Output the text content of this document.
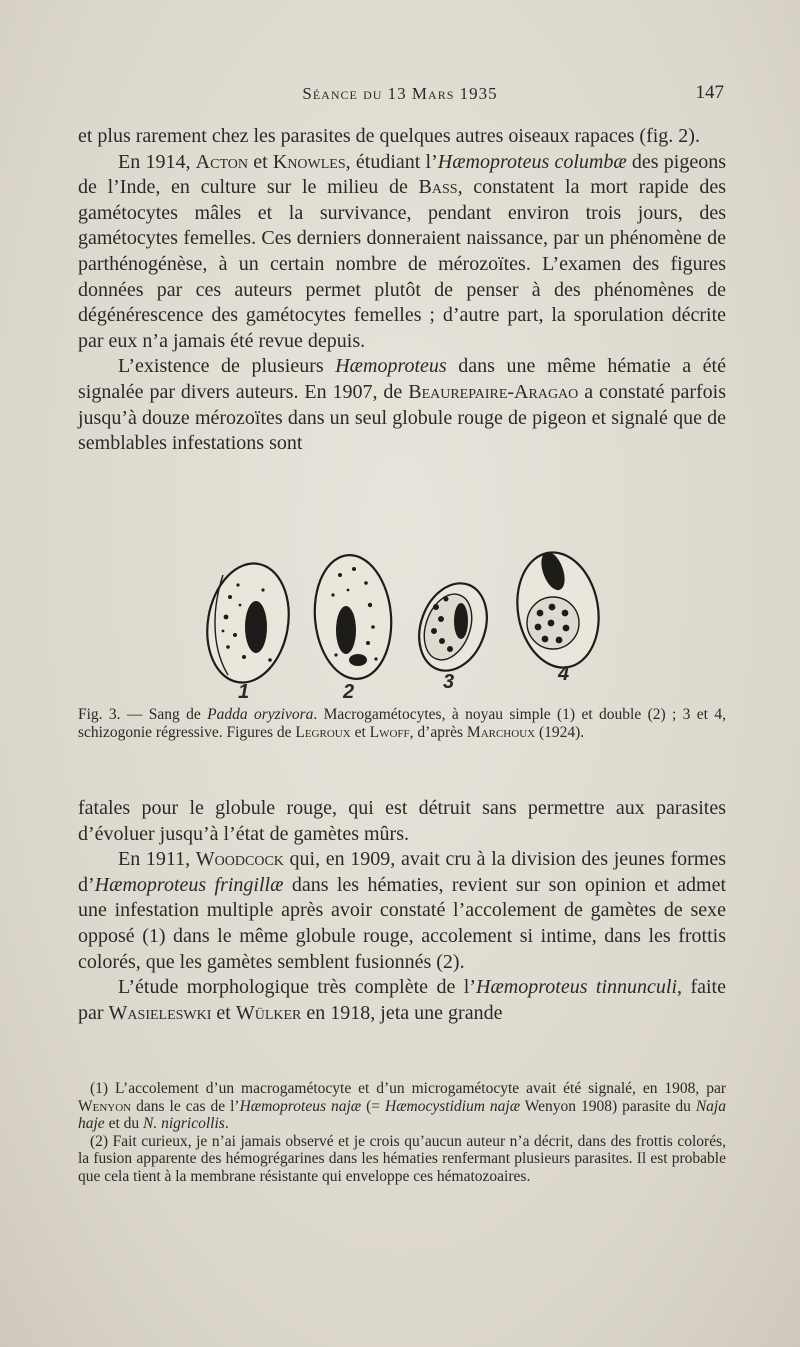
Séance du 13 Mars 1935	147

et plus rarement chez les parasites de quelques autres oiseaux rapaces (fig. 2).

En 1914, Acton et Knowles, étudiant l’Hæmoproteus columbæ des pigeons de l’Inde, en culture sur le milieu de Bass, constatent la mort rapide des gamétocytes mâles et la survivance, pendant environ trois jours, des gamétocytes femelles. Ces derniers donneraient naissance, par un phénomène de parthénogénèse, à un certain nombre de mérozoïtes. L’examen des figures données par ces auteurs permet plutôt de penser à des phénomènes de dégénérescence des gamétocytes femelles ; d’autre part, la sporulation décrite par eux n’a jamais été revue depuis.

L’existence de plusieurs Hæmoproteus dans une même hématie a été signalée par divers auteurs. En 1907, de Beaurepaire-Aragao a constaté parfois jusqu’à douze mérozoïtes dans un seul globule rouge de pigeon et signalé que de semblables infestations sont

1	2	3	4
Fig. 3. — Sang de Padda oryzivora. Macrogamétocytes, à noyau simple (1) et double (2) ; 3 et 4, schizogonie régressive. Figures de Legroux et Lwoff, d’après Marchoux (1924).

fatales pour le globule rouge, qui est détruit sans permettre aux parasites d’évoluer jusqu’à l’état de gamètes mûrs.

En 1911, Woodcock qui, en 1909, avait cru à la division des jeunes formes d’Hæmoproteus fringillæ dans les hématies, revient sur son opinion et admet une infestation multiple après avoir constaté l’accolement de gamètes de sexe opposé (1) dans le même globule rouge, accolement si intime, dans les frottis colorés, que les gamètes semblent fusionnés (2).

L’étude morphologique très complète de l’Hæmoproteus tinnunculi, faite par Wasieleswki et Wülker en 1918, jeta une grande

(1) L’accolement d’un macrogamétocyte et d’un microgamétocyte avait été signalé, en 1908, par Wenyon dans le cas de l’Hæmoproteus najæ (= Hæmocystidium najæ Wenyon 1908) parasite du Naja haje et du N. nigricollis.

(2) Fait curieux, je n’ai jamais observé et je crois qu’aucun auteur n’a décrit, dans des frottis colorés, la fusion apparente des hémogrégarines dans les hématies renfermant plusieurs parasites. Il est probable que cela tient à la membrane résistante qui enveloppe ces hématozoaires.
